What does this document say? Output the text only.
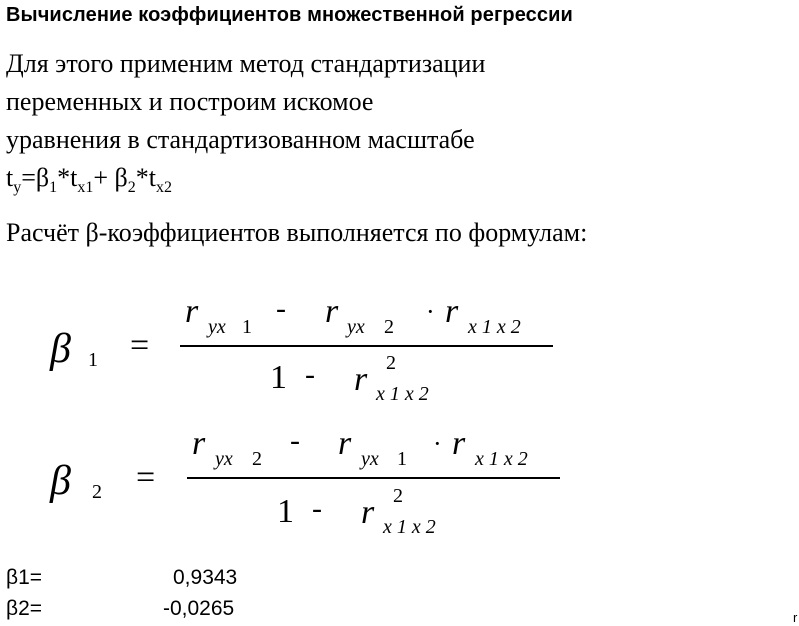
Вычисление коэффициентов множественной регрессии
Для этого применим метод стандартизации
переменных и построим искомое
уравнения в стандартизованном масштабе
$t_y=\beta_1*t_{x1}+ \beta_2*t_{x2}$
Расчёт β-коэффициентов выполняется по формулам:
β 1 =
r yx 1
- r yx 2
· r x 1 x 2
1 - r 2
x 1 x 2
β 2 =
r yx 2
- r yx 1
· r x 1 x 2
1 - r 2
x 1 x 2
β1=	0,9343
β2=	-0,0265	r
